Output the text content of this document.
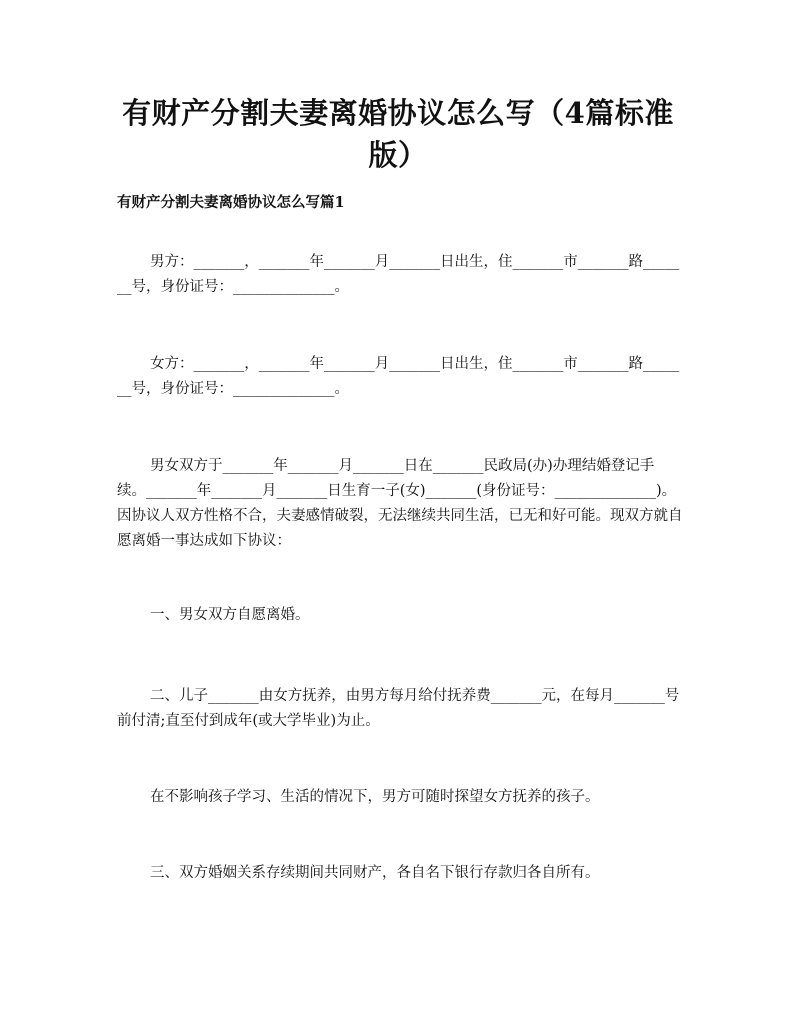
有财产分割夫妻离婚协议怎么写（4篇标准版）
有财产分割夫妻离婚协议怎么写篇1
男方：_______，_______年_______月_______日出生，住_______市_______路_______号，身份证号：______________。
女方：_______，_______年_______月_______日出生，住_______市_______路_______号，身份证号：______________。
男女双方于_______年_______月_______日在_______民政局(办)办理结婚登记手续。_______年_______月_______日生育一子(女)_______(身份证号：______________)。因协议人双方性格不合，夫妻感情破裂，无法继续共同生活，已无和好可能。现双方就自愿离婚一事达成如下协议：
一、男女双方自愿离婚。
二、儿子_______由女方抚养，由男方每月给付抚养费_______元，在每月_______号前付清;直至付到成年(或大学毕业)为止。
在不影响孩子学习、生活的情况下，男方可随时探望女方抚养的孩子。
三、双方婚姻关系存续期间共同财产，各自名下银行存款归各自所有。
